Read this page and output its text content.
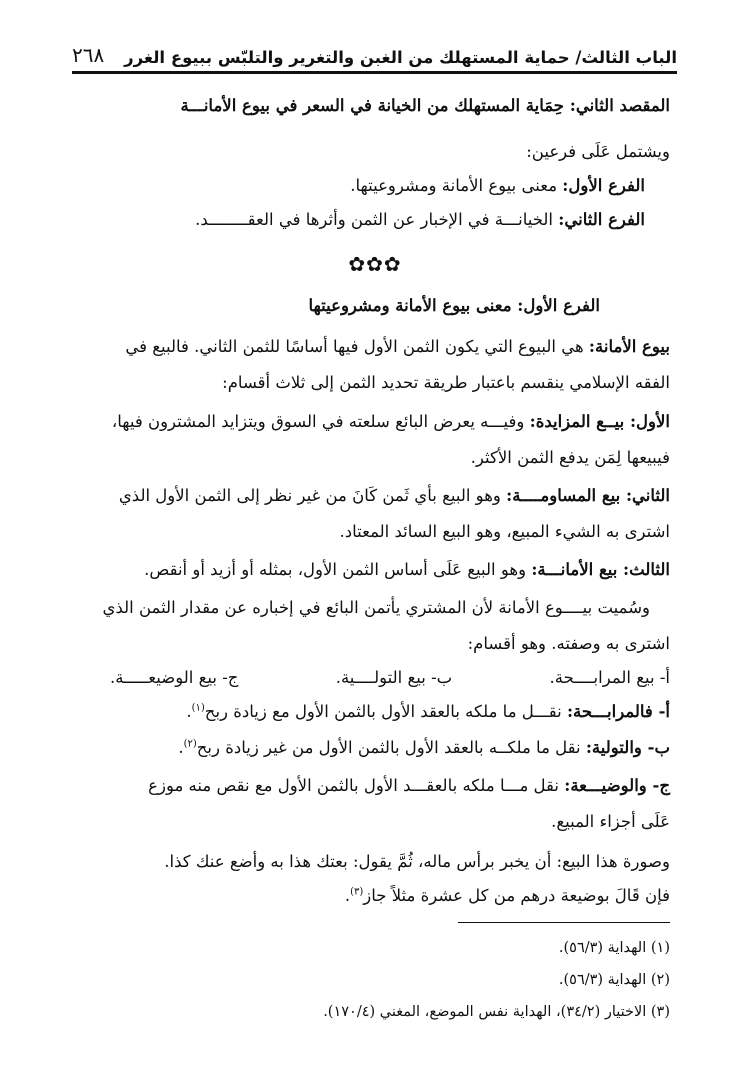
الباب الثالث/ حماية المستهلك من الغبن والتغرير والتلبّس ببيوع الغرر
٢٦٨
المقصد الثاني: حِمَاية المستهلك من الخيانة في السعر في بيوع الأمانـــة
ويشتمل عَلَى فرعين:
الفرع الأول: معنى بيوع الأمانة ومشروعيتها.
الفرع الثاني: الخيانـــة في الإخبار عن الثمن وأثرها في العقــــــــد.
✿✿✿
الفرع الأول: معنى بيوع الأمانة ومشروعيتها
بيوع الأمانة: هي البيوع التي يكون الثمن الأول فيها أساسًا للثمن الثاني. فالبيع في
الفقه الإسلامي ينقسم باعتبار طريقة تحديد الثمن إلى ثلاث أقسام:
الأول: بيــع المزايدة: وفيـــه يعرض البائع سلعته في السوق ويتزايد المشترون فيها،
فيبيعها لِمَن يدفع الثمن الأكثر.
الثاني: بيع المساومــــة: وهو البيع بأي ثَمن كَانَ من غير نظر إلى الثمن الأول الذي
اشترى به الشيء المبيع، وهو البيع السائد المعتاد.
الثالث: بيع الأمانـــة: وهو البيع عَلَى أساس الثمن الأول، بمثله أو أزيد أو أنقص.
وسُميت بيــــوع الأمانة لأن المشتري يأتمن البائع في إخباره عن مقدار الثمن الذي
اشترى به وصفته. وهو أقسام:
أ- بيع المرابــــحة.
ب- بيع التولــــية.
ج- بيع الوضيعـــــة.
أ- فالمرابـــحة: نقـــل ما ملكه بالعقد الأول بالثمن الأول مع زيادة ربح$^{(١)}$.
ب- والتولية: نقل ما ملكــه بالعقد الأول بالثمن الأول من غير زيادة ربح$^{(٢)}$.
ج- والوضيـــعة: نقل مـــا ملكه بالعقـــد الأول بالثمن الأول مع نقص منه موزع
عَلَى أجزاء المبيع.
وصورة هذا البيع: أن يخبر برأس ماله، ثُمَّ يقول: بعتك هذا به وأضع عنك كذا.
فإن قَالَ بوضيعة درهم من كل عشرة مثلاً جاز$^{(٣)}$.
(١) الهداية (٥٦/٣).
(٢) الهداية (٥٦/٣).
(٣) الاختيار (٣٤/٢)، الهداية نفس الموضع، المغني (١٧٠/٤).
